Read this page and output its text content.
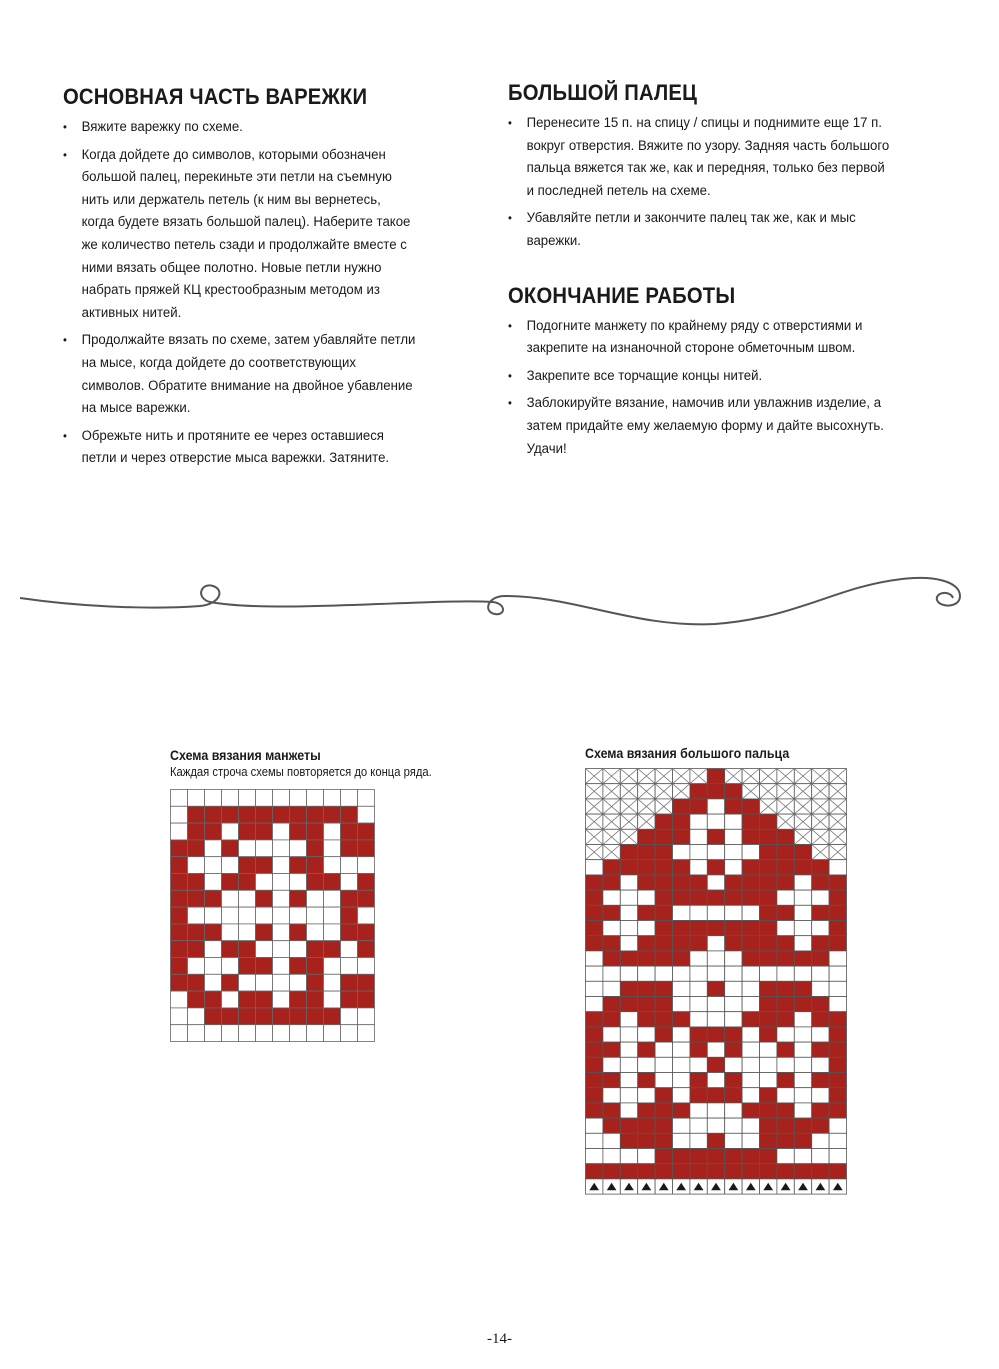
ОСНОВНАЯ ЧАСТЬ ВАРЕЖКИ
• Вяжите варежку по схеме.
• Когда дойдете до символов, которыми обозначен большой палец, перекиньте эти петли на съемную нить или держатель петель (к ним вы вернетесь, когда будете вязать большой палец). Наберите такое же количество петель сзади и продолжайте вместе с ними вязать общее полотно. Новые петли нужно набрать пряжей КЦ крестообразным методом из активных нитей.
• Продолжайте вязать по схеме, затем убавляйте петли на мысе, когда дойдете до соответствующих символов. Обратите внимание на двойное убавление на мысе варежки.
• Обрежьте нить и протяните ее через оставшиеся петли и через отверстие мыса варежки. Затяните.
БОЛЬШОЙ ПАЛЕЦ
• Перенесите 15 п. на спицу / спицы и поднимите еще 17 п. вокруг отверстия. Вяжите по узору. Задняя часть большого пальца вяжется так же, как и передняя, только без первой и последней петель на схеме.
• Убавляйте петли и закончите палец так же, как и мыс варежки.
ОКОНЧАНИЕ РАБОТЫ
• Подогните манжету по крайнему ряду с отверстиями и закрепите на изнаночной стороне обметочным швом.
• Закрепите все торчащие концы нитей.
• Заблокируйте вязание, намочив или увлажнив изделие, а затем придайте ему желаемую форму и дайте высохнуть. Удачи!

Схема вязания манжеты

Каждая строча схемы повторяется до конца ряда.

Схема вязания большого пальца

-14-
